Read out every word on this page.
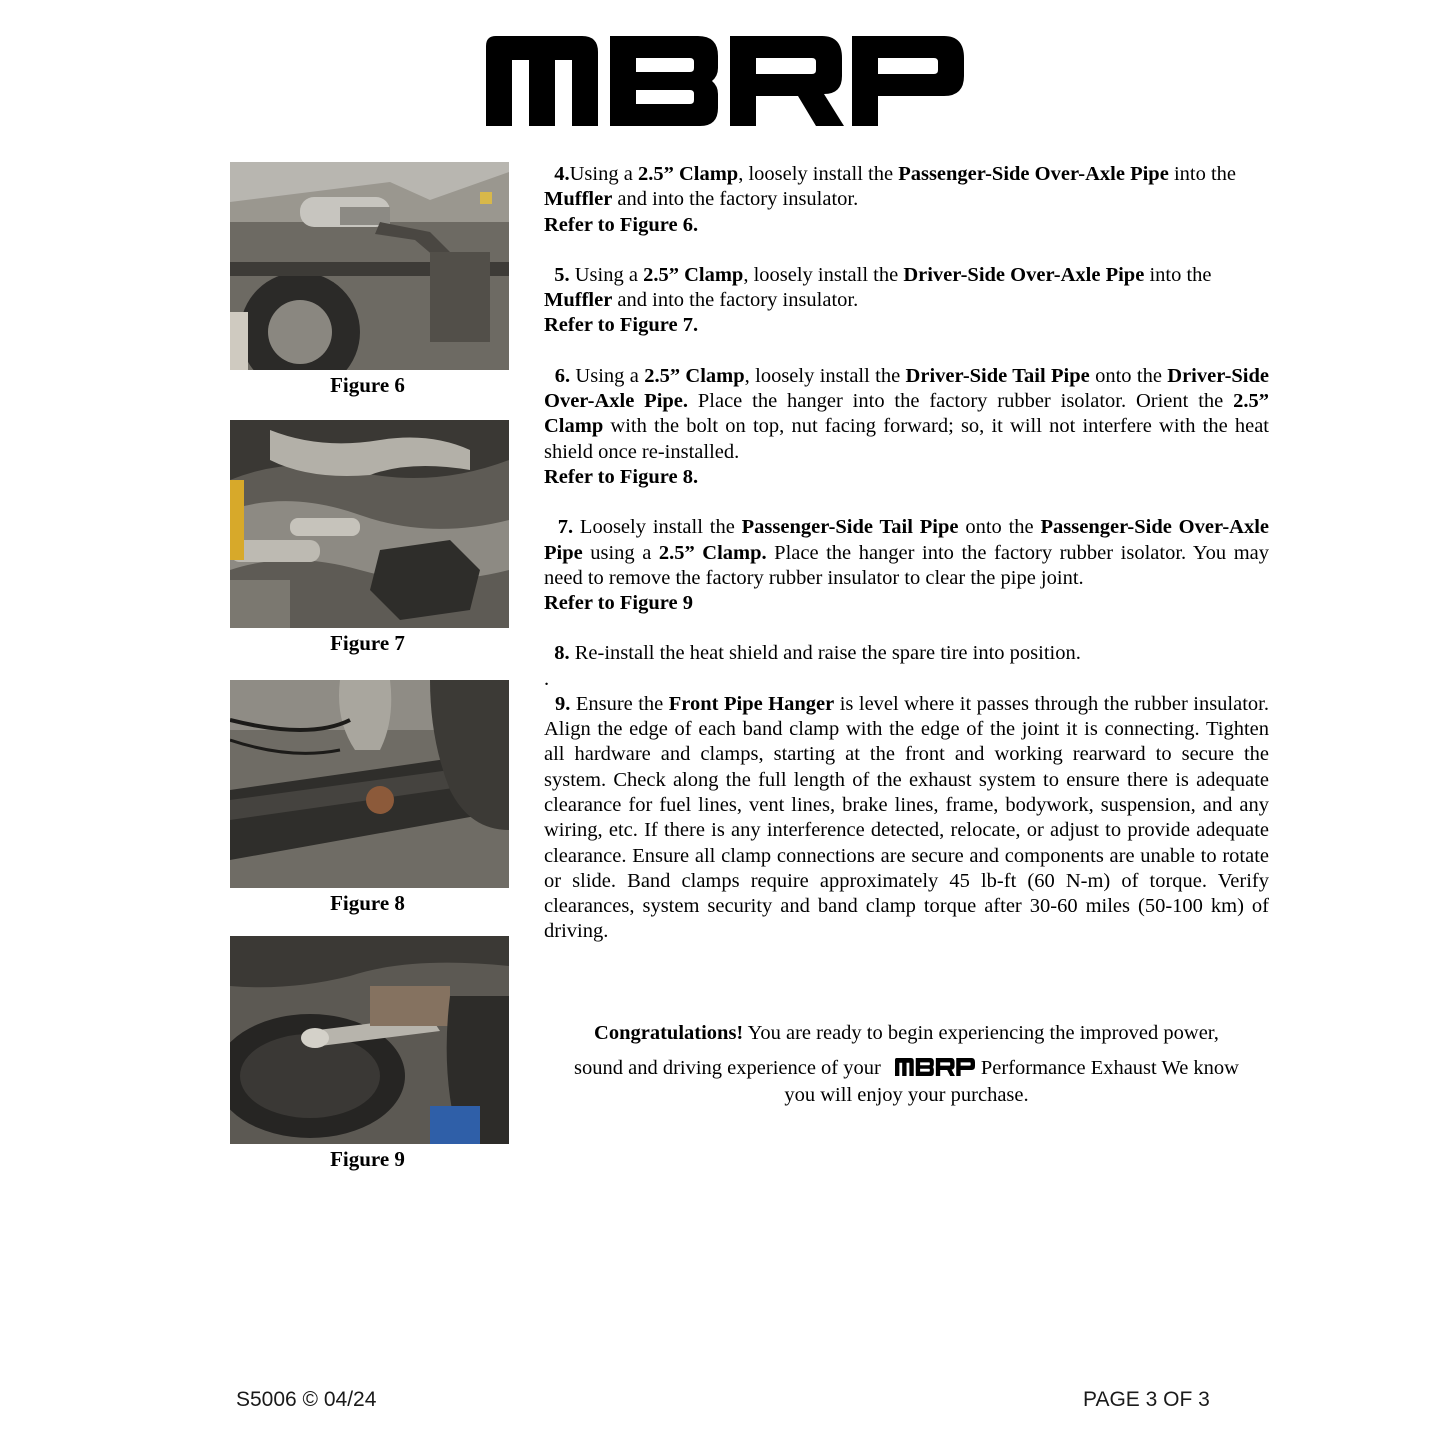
Figure 6
Figure 7
Figure 8
Figure 9
4.Using a 2.5” Clamp, loosely install the Passenger-Side Over-Axle Pipe into the Muffler and into the factory insulator.
Refer to Figure 6.
5. Using a 2.5” Clamp, loosely install the Driver-Side Over-Axle Pipe into the Muffler and into the factory insulator.
Refer to Figure 7.
6. Using a 2.5” Clamp, loosely install the Driver-Side Tail Pipe onto the Driver-Side Over-Axle Pipe. Place the hanger into the factory rubber isolator. Orient the 2.5” Clamp with the bolt on top, nut facing forward; so, it will not interfere with the heat shield once re-installed.
Refer to Figure 8.
7. Loosely install the Passenger-Side Tail Pipe onto the Passenger-Side Over-Axle Pipe using a 2.5” Clamp. Place the hanger into the factory rubber isolator. You may need to remove the factory rubber insulator to clear the pipe joint.
Refer to Figure 9
8. Re-install the heat shield and raise the spare tire into position.
.
9. Ensure the Front Pipe Hanger is level where it passes through the rubber insulator. Align the edge of each band clamp with the edge of the joint it is connecting. Tighten all hardware and clamps, starting at the front and working rearward to secure the system. Check along the full length of the exhaust system to ensure there is adequate clearance for fuel lines, vent lines, brake lines, frame, bodywork, suspension, and any wiring, etc. If there is any interference detected, relocate, or adjust to provide adequate clearance. Ensure all clamp connections are secure and components are unable to rotate or slide. Band clamps require approximately 45 lb-ft (60 N-m) of torque. Verify clearances, system security and band clamp torque after 30-60 miles (50-100 km) of driving.
Congratulations! You are ready to begin experiencing the improved power,
sound and driving experience of your	Performance Exhaust We know
you will enjoy your purchase.
S5006 © 04/24	PAGE 3 OF 3
